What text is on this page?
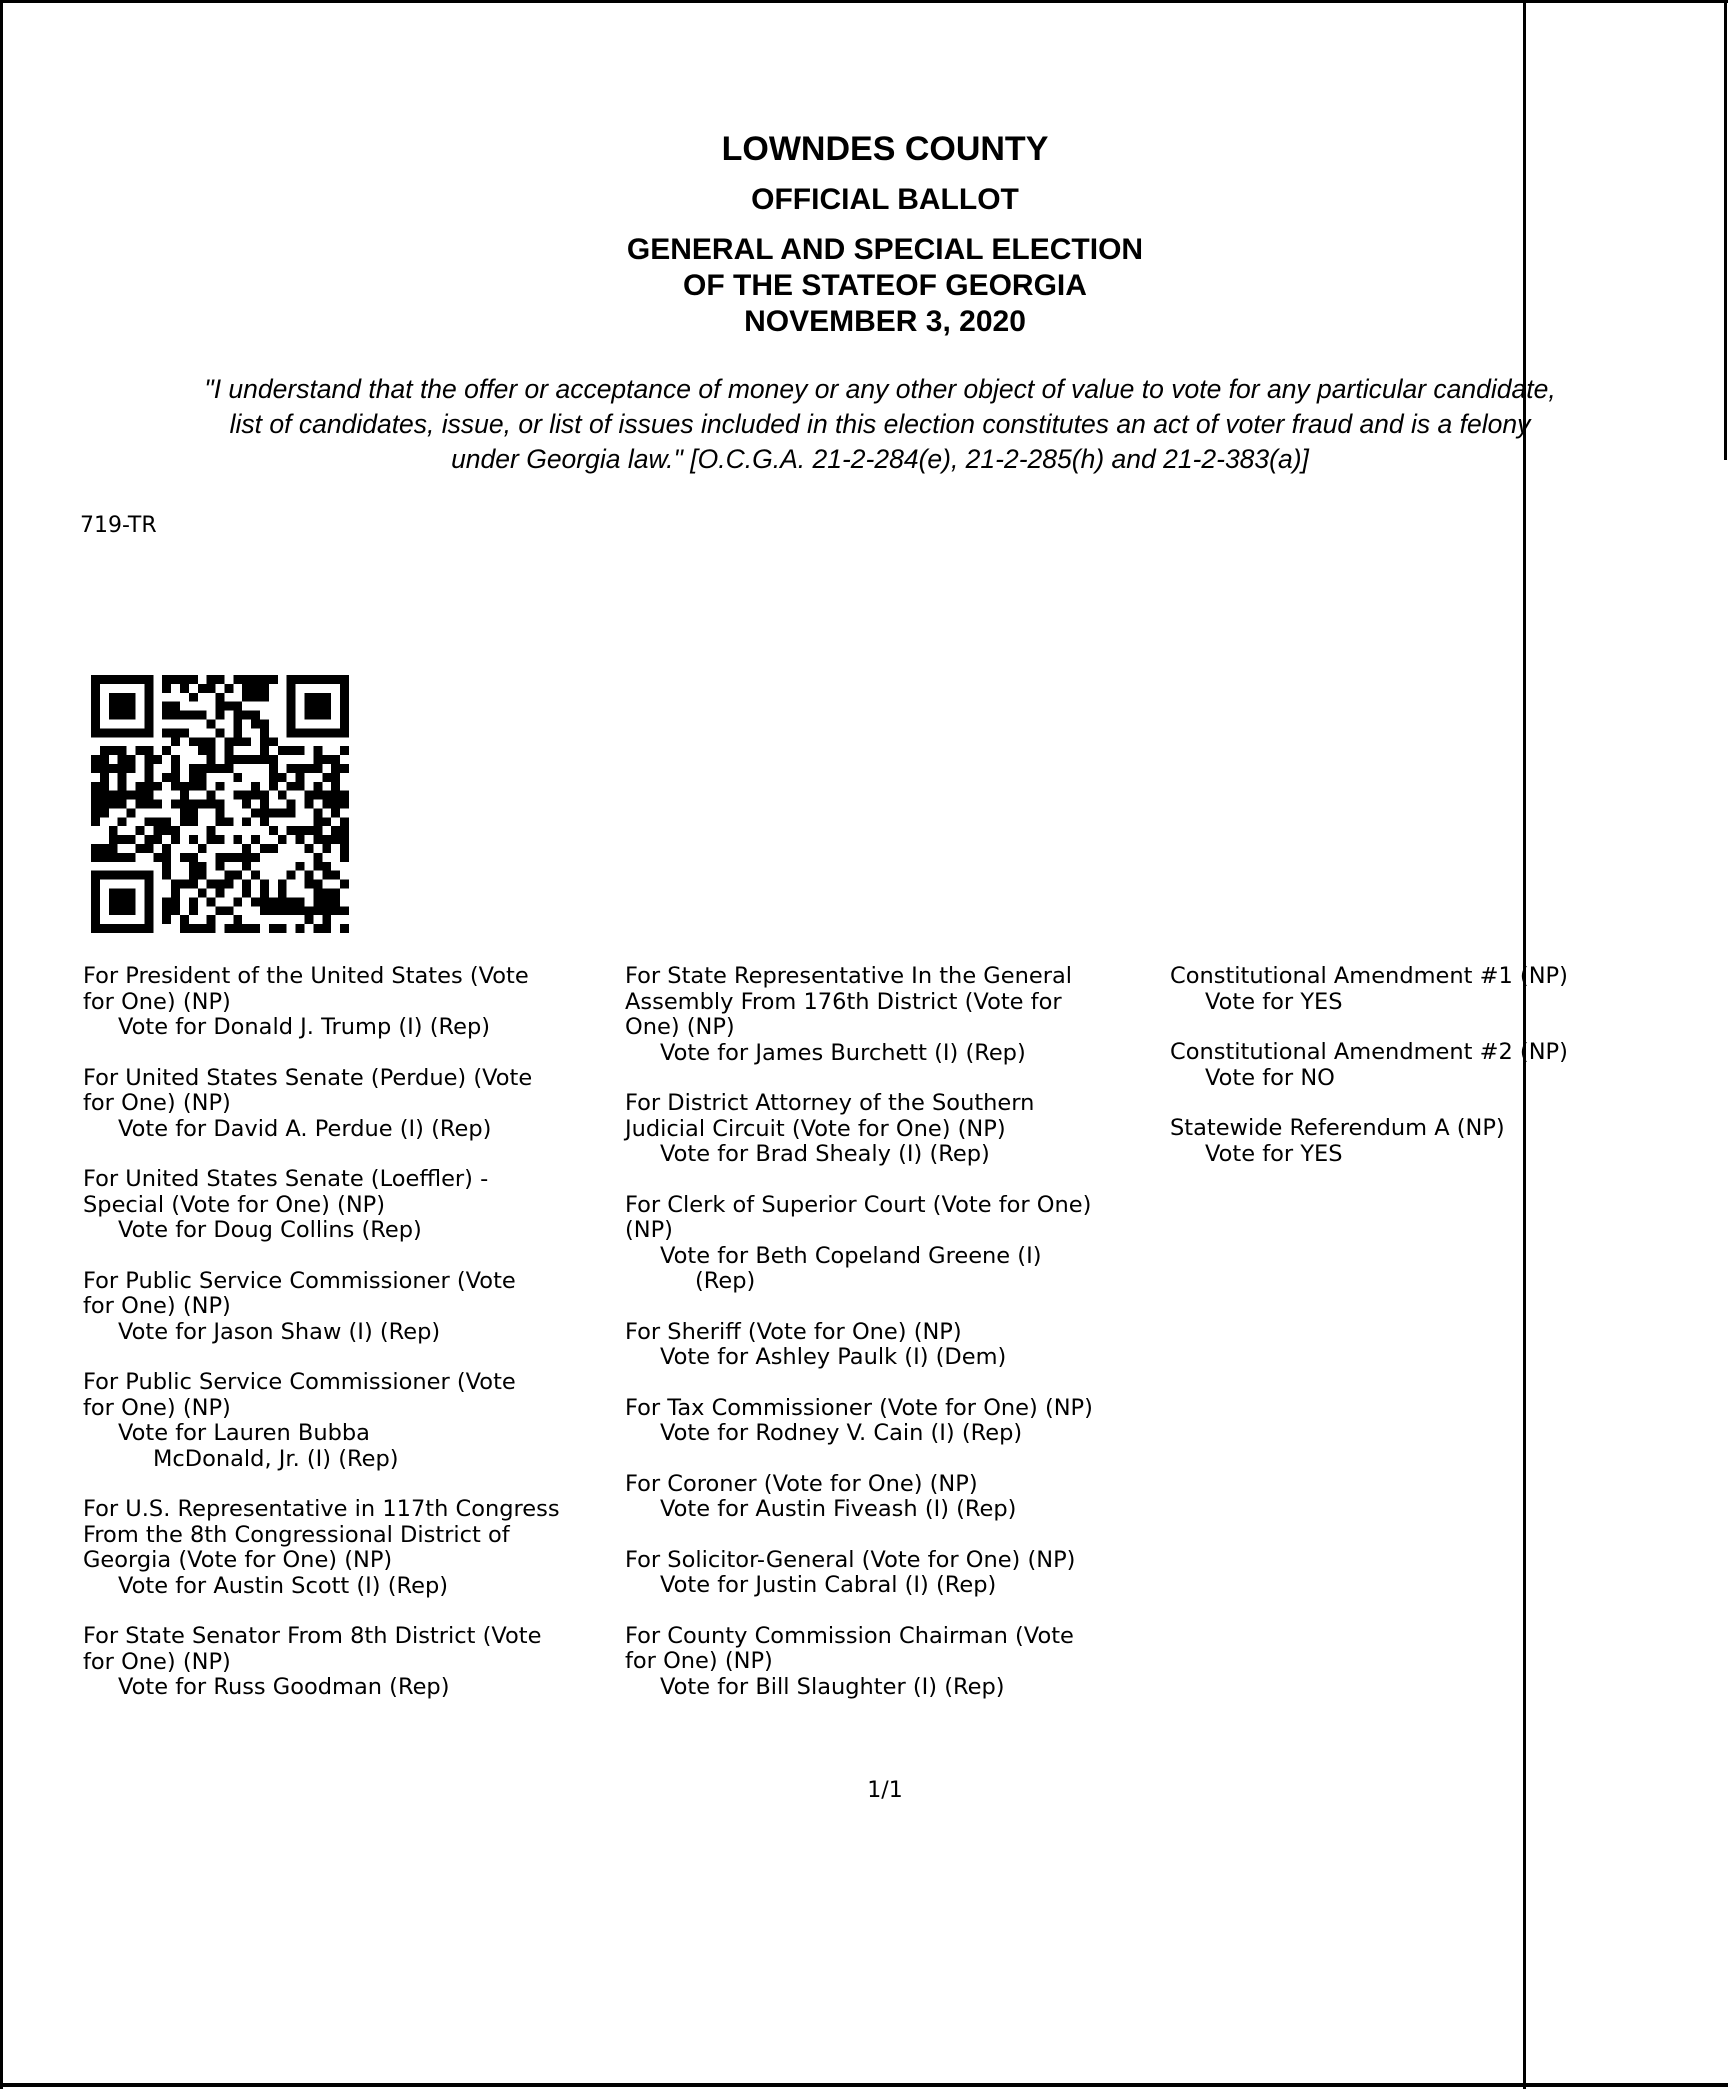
LOWNDES COUNTY
OFFICIAL BALLOT
GENERAL AND SPECIAL ELECTION
OF THE STATEOF GEORGIA
NOVEMBER 3, 2020
"I understand that the offer or acceptance of money or any other object of value to vote for any particular candidate,
list of candidates, issue, or list of issues included in this election constitutes an act of voter fraud and is a felony
under Georgia law." [O.C.G.A. 21-2-284(e), 21-2-285(h) and 21-2-383(a)]
719-TR
For President of the United States (Vote
for One) (NP)
Vote for Donald J. Trump (I) (Rep)
For United States Senate (Perdue) (Vote
for One) (NP)
Vote for David A. Perdue (I) (Rep)
For United States Senate (Loeffler) -
Special (Vote for One) (NP)
Vote for Doug Collins (Rep)
For Public Service Commissioner (Vote
for One) (NP)
Vote for Jason Shaw (I) (Rep)
For Public Service Commissioner (Vote
for One) (NP)
Vote for Lauren Bubba
McDonald, Jr. (I) (Rep)
For U.S. Representative in 117th Congress
From the 8th Congressional District of
Georgia (Vote for One) (NP)
Vote for Austin Scott (I) (Rep)
For State Senator From 8th District (Vote
for One) (NP)
Vote for Russ Goodman (Rep)
For State Representative In the General
Assembly From 176th District (Vote for
One) (NP)
Vote for James Burchett (I) (Rep)
For District Attorney of the Southern
Judicial Circuit (Vote for One) (NP)
Vote for Brad Shealy (I) (Rep)
For Clerk of Superior Court (Vote for One)
(NP)
Vote for Beth Copeland Greene (I)
(Rep)
For Sheriff (Vote for One) (NP)
Vote for Ashley Paulk (I) (Dem)
For Tax Commissioner (Vote for One) (NP)
Vote for Rodney V. Cain (I) (Rep)
For Coroner (Vote for One) (NP)
Vote for Austin Fiveash (I) (Rep)
For Solicitor-General (Vote for One) (NP)
Vote for Justin Cabral (I) (Rep)
For County Commission Chairman (Vote
for One) (NP)
Vote for Bill Slaughter (I) (Rep)
Constitutional Amendment #1 (NP)
Vote for YES
Constitutional Amendment #2 (NP)
Vote for NO
Statewide Referendum A (NP)
Vote for YES
1/1
